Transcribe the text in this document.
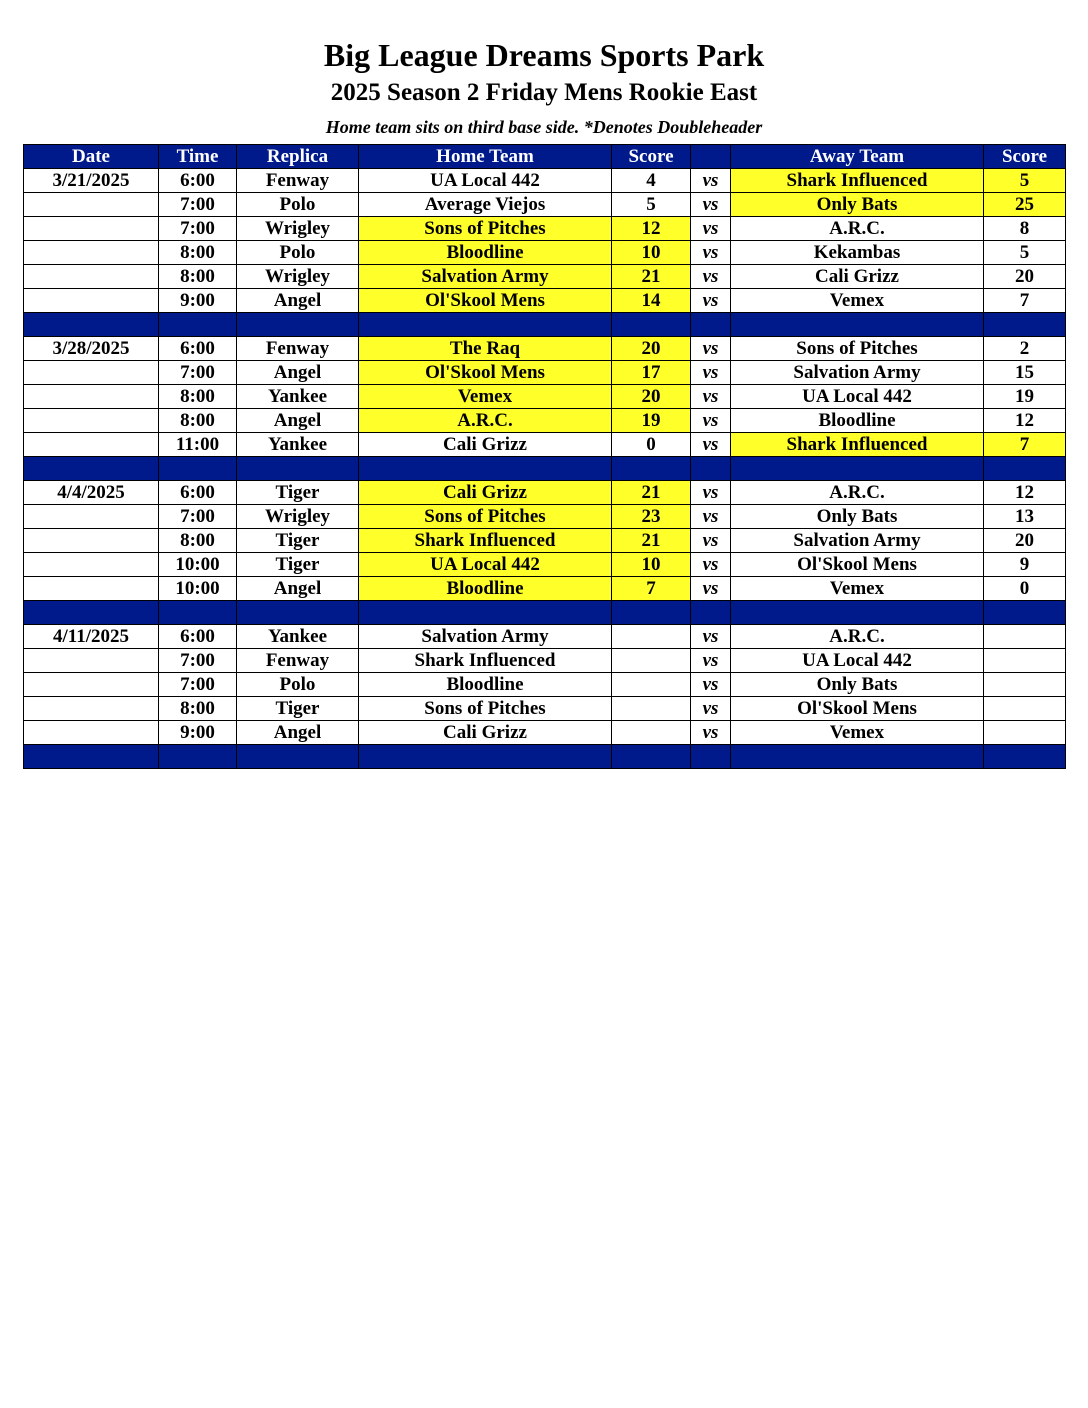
Big League Dreams Sports Park
2025 Season 2 Friday Mens Rookie East
Home team sits on third base side. *Denotes Doubleheader
Date	Time	Replica	Home Team	Score		Away Team	Score
3/21/2025	6:00	Fenway	UA Local 442	4	vs	Shark Influenced	5
	7:00	Polo	Average Viejos	5	vs	Only Bats	25
	7:00	Wrigley	Sons of Pitches	12	vs	A.R.C.	8
	8:00	Polo	Bloodline	10	vs	Kekambas	5
	8:00	Wrigley	Salvation Army	21	vs	Cali Grizz	20
	9:00	Angel	Ol'Skool Mens	14	vs	Vemex	7

3/28/2025	6:00	Fenway	The Raq	20	vs	Sons of Pitches	2
	7:00	Angel	Ol'Skool Mens	17	vs	Salvation Army	15
	8:00	Yankee	Vemex	20	vs	UA Local 442	19
	8:00	Angel	A.R.C.	19	vs	Bloodline	12
	11:00	Yankee	Cali Grizz	0	vs	Shark Influenced	7

4/4/2025	6:00	Tiger	Cali Grizz	21	vs	A.R.C.	12
	7:00	Wrigley	Sons of Pitches	23	vs	Only Bats	13
	8:00	Tiger	Shark Influenced	21	vs	Salvation Army	20
	10:00	Tiger	UA Local 442	10	vs	Ol'Skool Mens	9
	10:00	Angel	Bloodline	7	vs	Vemex	0

4/11/2025	6:00	Yankee	Salvation Army		vs	A.R.C.	
	7:00	Fenway	Shark Influenced		vs	UA Local 442	
	7:00	Polo	Bloodline		vs	Only Bats	
	8:00	Tiger	Sons of Pitches		vs	Ol'Skool Mens	
	9:00	Angel	Cali Grizz		vs	Vemex	
